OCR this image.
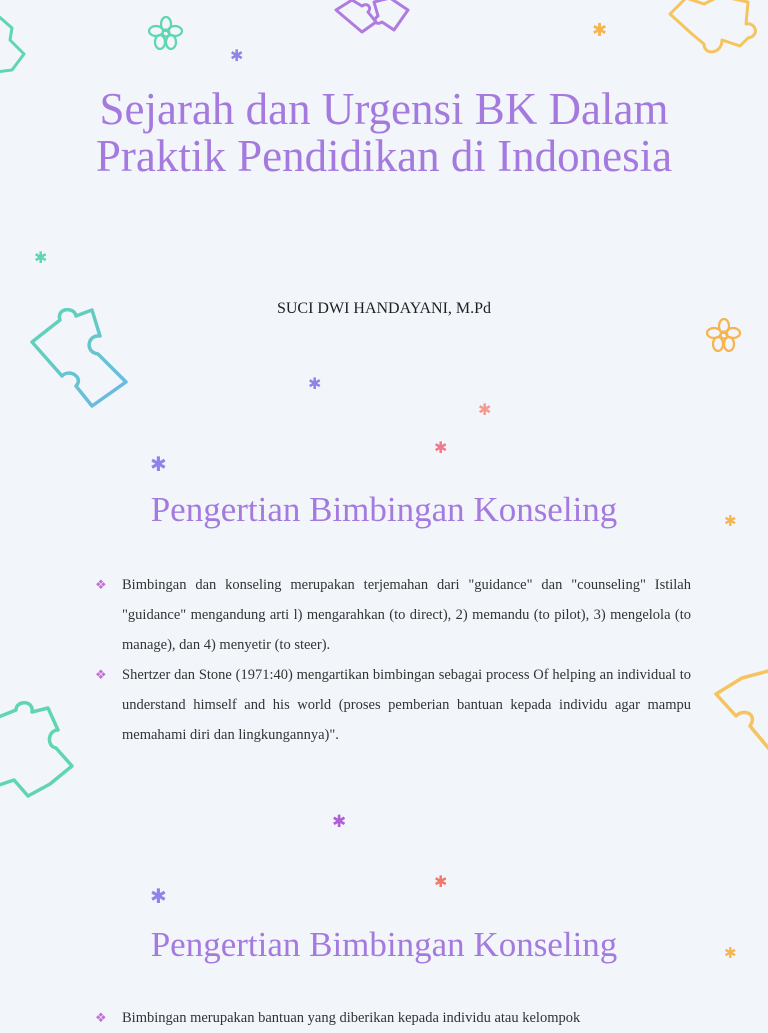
✱
✱
✱
✱
✱
✱
✱
✱
✱
✱
✱
✱
Sejarah dan Urgensi BK Dalam Praktik Pendidikan di Indonesia

SUCI DWI HANDAYANI, M.Pd

Pengertian Bimbingan Konseling
❖ Bimbingan dan konseling merupakan terjemahan dari "guidance" dan "counseling" Istilah "guidance" mengandung arti l) mengarahkan (to direct), 2) memandu (to pilot), 3) mengelola (to manage), dan 4) menyetir (to steer).
❖ Shertzer dan Stone (1971:40) mengartikan bimbingan sebagai process Of helping an individual to understand himself and his world (proses pemberian bantuan kepada individu agar mampu memahami diri dan lingkungannya)".
Pengertian Bimbingan Konseling
❖ Bimbingan merupakan bantuan yang diberikan kepada individu atau kelompok
